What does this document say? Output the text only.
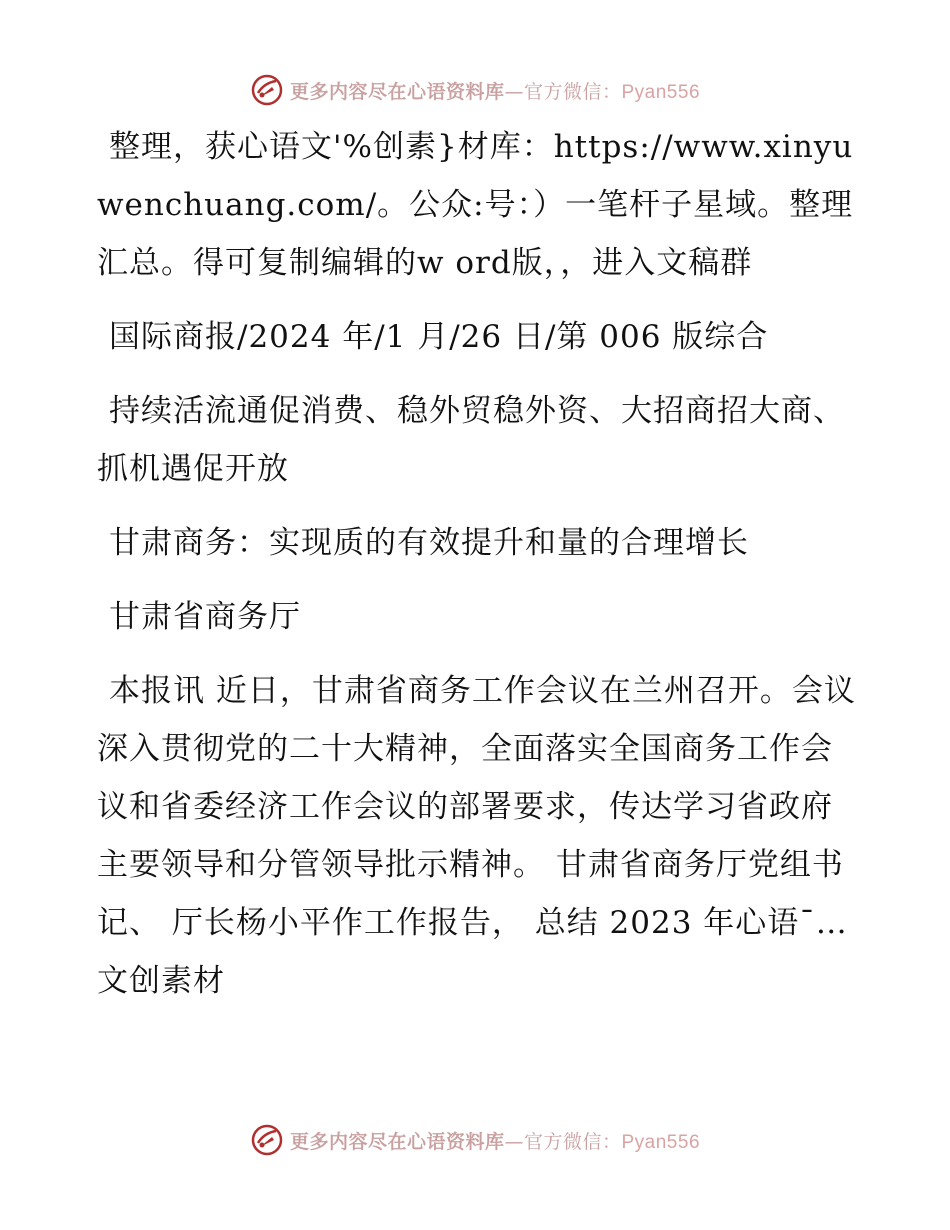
更多内容尽在心语资料库—官方微信：Pyan556

整理，获心语文'%创素}材库：https://www.xinyuwenchuang.com/。公众:号：）一笔杆子星域。整理汇总。得可复制编辑的w ord版，，进入文稿群

国际商报/2024 年/1 月/26 日/第 006 版综合

持续活流通促消费、稳外贸稳外资、大招商招大商、抓机遇促开放

甘肃商务：实现质的有效提升和量的合理增长

甘肃省商务厅

本报讯 近日，甘肃省商务工作会议在兰州召开。会议深入贯彻党的二十大精神，全面落实全国商务工作会议和省委经济工作会议的部署要求，传达学习省政府主要领导和分管领导批示精神。 甘肃省商务厅党组书记、 厅长杨小平作工作报告， 总结 2023 年心语¯…文创素材

更多内容尽在心语资料库—官方微信：Pyan556
